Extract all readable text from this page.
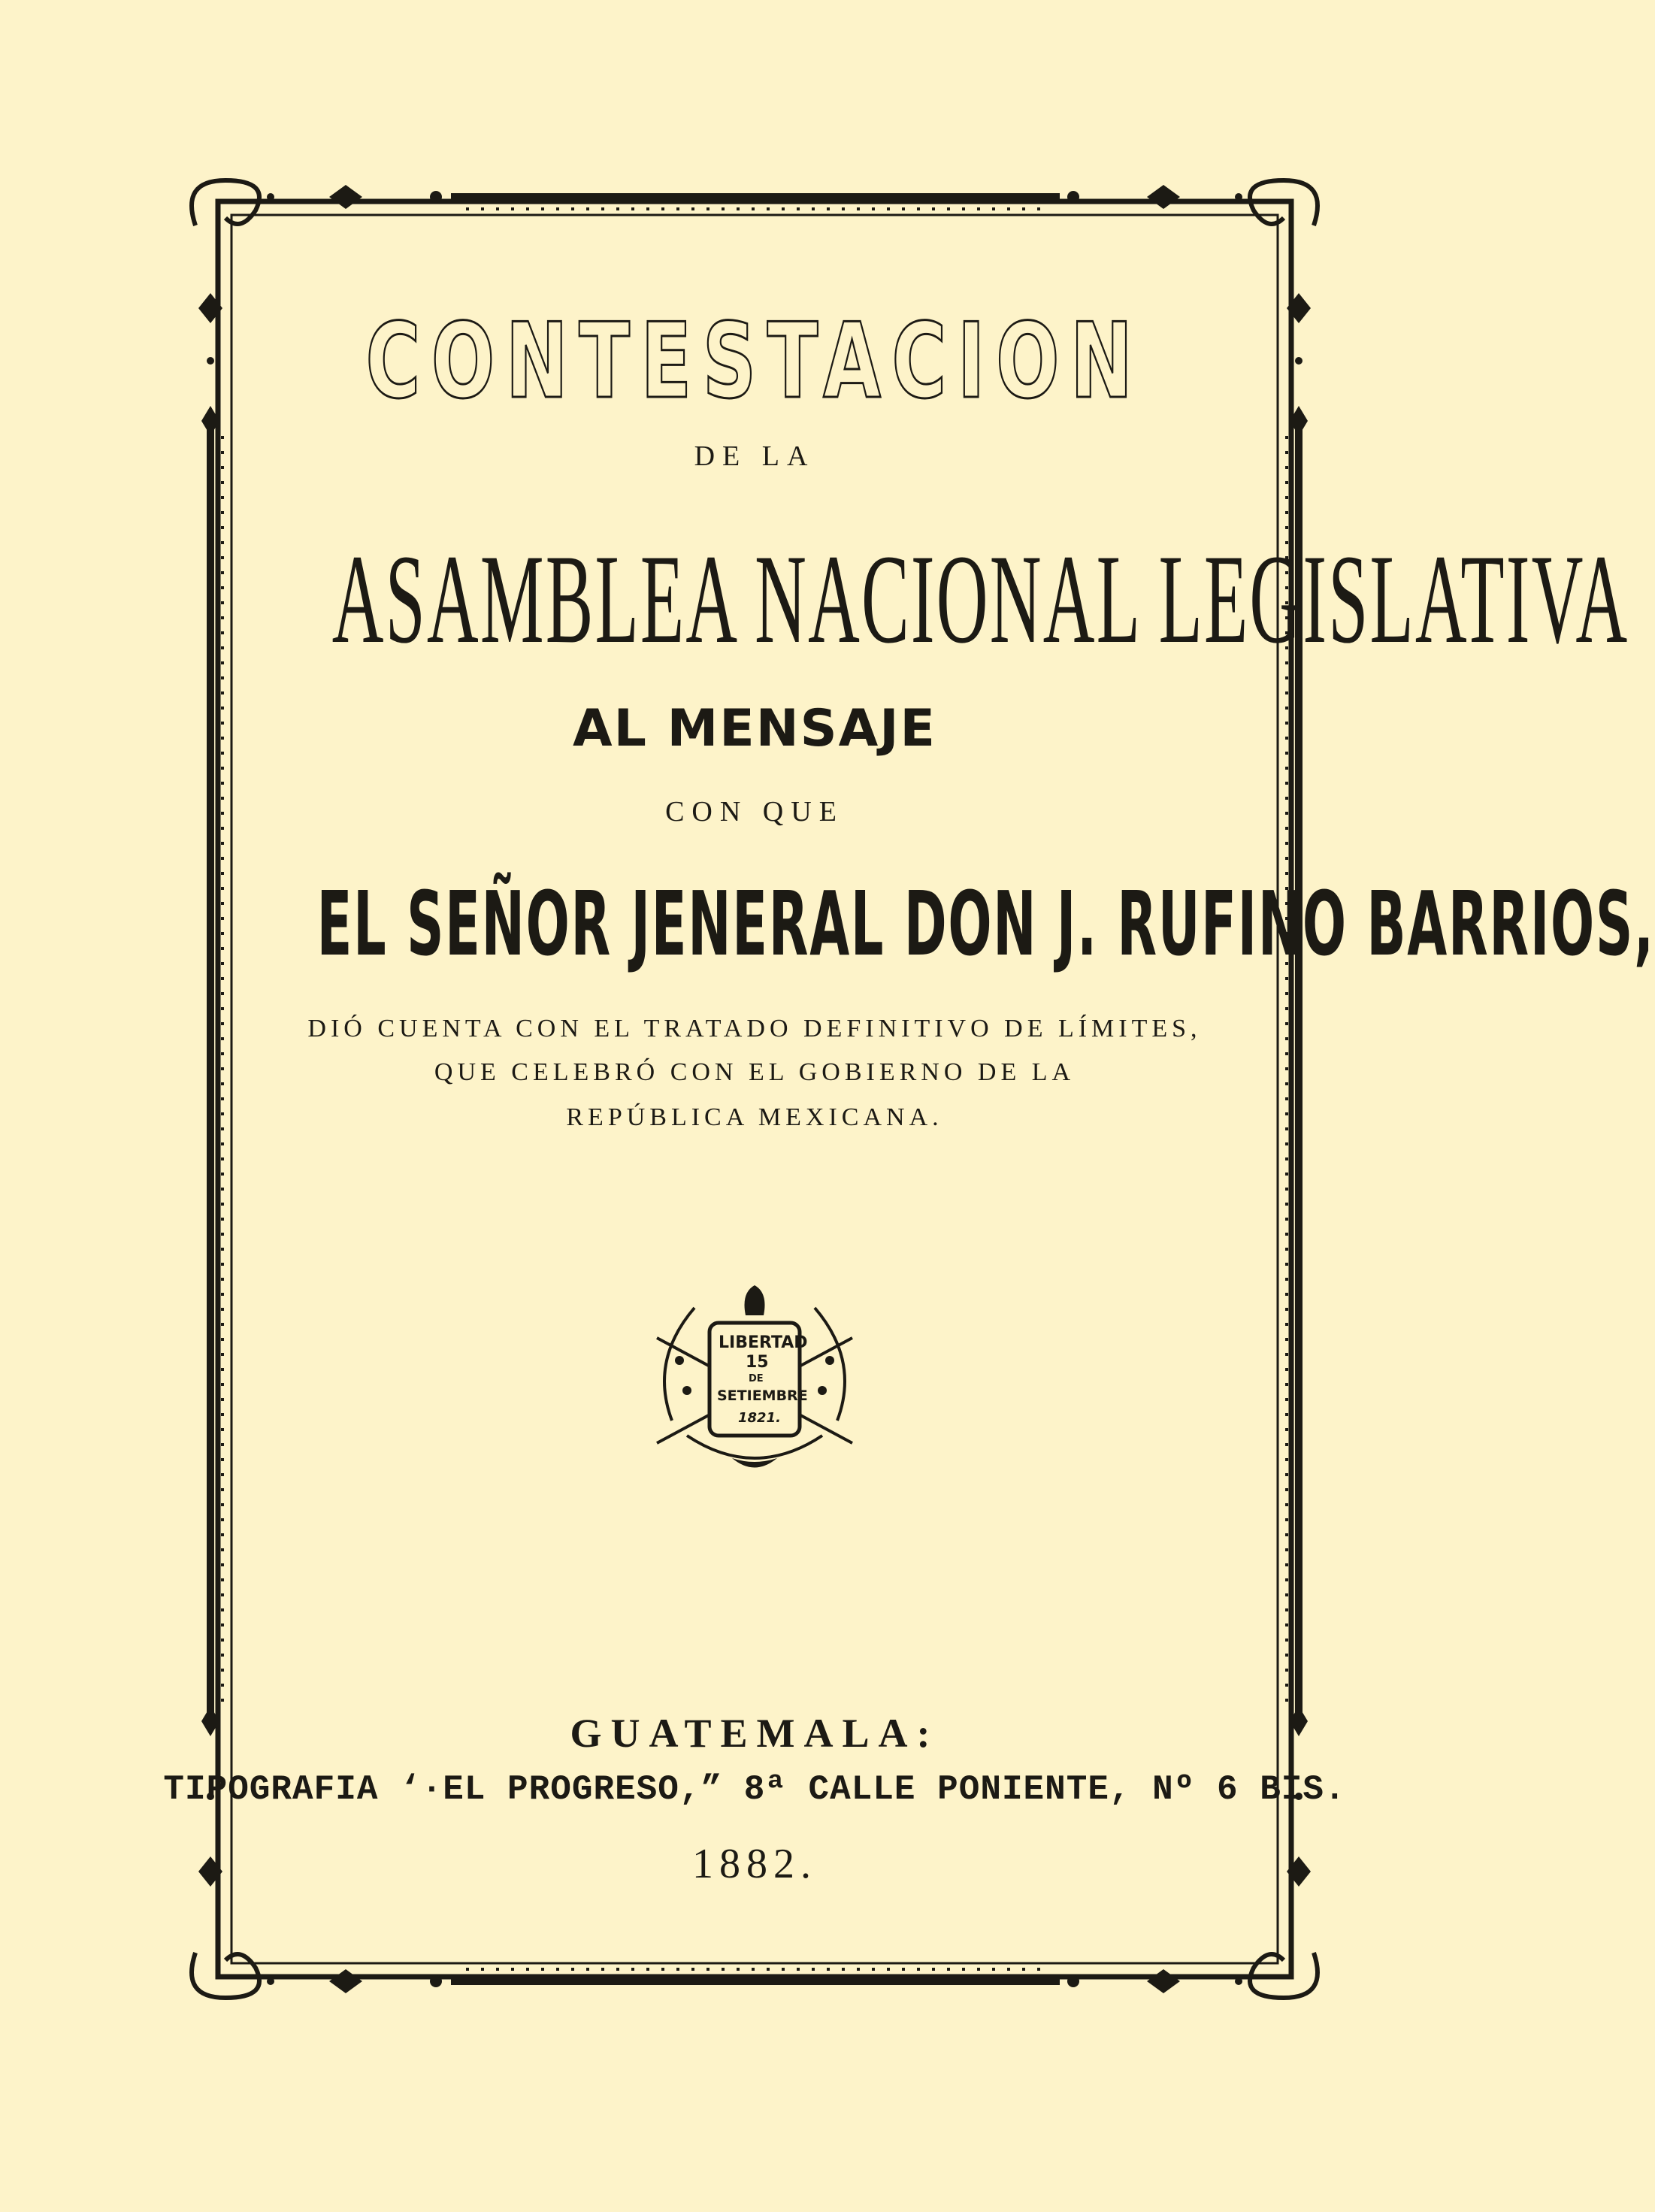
CONTESTACION
DE LA
ASAMBLEA NACIONAL LEGISLATIVA
AL MENSAJE
CON QUE
EL SEÑOR JENERAL DON J. RUFINO BARRIOS,
DIÓ CUENTA CON EL TRATADO DEFINITIVO DE LÍMITES,
QUE CELEBRÓ CON EL GOBIERNO DE LA
REPÚBLICA MEXICANA.
LIBERTAD
15
DE
SETIEMBRE
1821.
GUATEMALA:
TIPOGRAFIA ‘·EL PROGRESO,” 8ª CALLE PONIENTE, Nº 6 BIS.
1882.
